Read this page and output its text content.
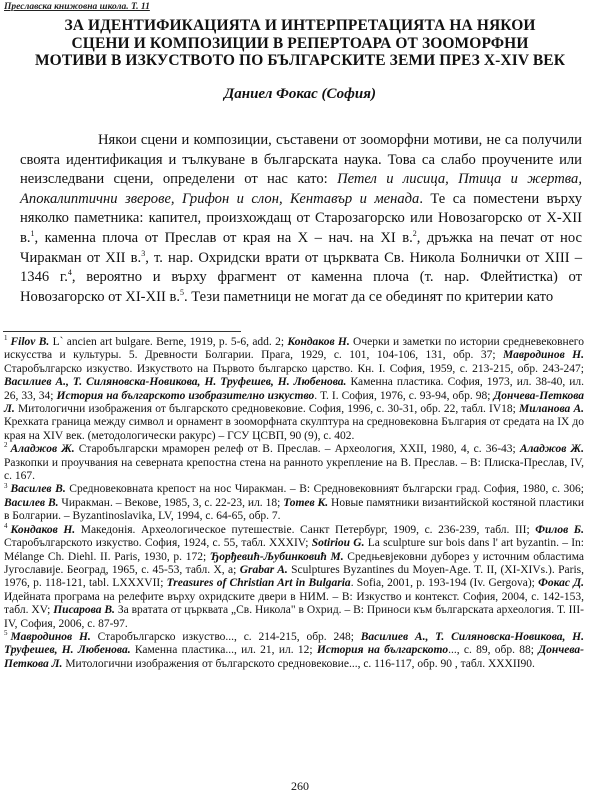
Преславска книжовна школа. Т. 11
ЗА ИДЕНТИФИКАЦИЯТА И ИНТЕРПРЕТАЦИЯТА НА НЯКОИ
СЦЕНИ И КОМПОЗИЦИИ В РЕПЕРТОАРА ОТ ЗООМОРФНИ
МОТИВИ В ИЗКУСТВОТО ПО БЪЛГАРСКИТЕ ЗЕМИ ПРЕЗ X-XIV ВЕК
Даниел Фокас (София)
Някои сцени и композиции, съставени от зооморфни мотиви, не са получили своята идентификация и тълкуване в българската наука. Това са слабо проучените или неизследвани сцени, определени от нас като: Петел и лисица, Птица и жертва, Апокалиптични зверове, Грифон и слон, Кентавър и менада. Те са поместени върху няколко паметника: капител, произхождащ от Старозагорско или Новозагорско от X-XII в.$^1$, каменна плоча от Преслав от края на X – нач. на XI в.$^2$, дръжка на печат от нос Чиракман от XII в.$^3$, т. нар. Охридски врати от църквата Св. Никола Болнички от XIII – 1346 г.$^4$, вероятно и върху фрагмент от каменна плоча (т. нар. Флейтистка) от Новозагорско от XI-XII в.$^5$. Тези паметници не могат да се обединят по критерии като

$^1$ Filov B. L` ancien art bulgare. Berne, 1919, p. 5-6, add. 2; Кондаков Н. Очерки и заметки по истории средневековнего искусства и культуры. 5. Древности Болгарии. Прага, 1929, с. 101, 104-106, 131, обр. 37; Мавродинов Н. Старобългарско изкуство. Изкуството на Първото българско царство. Кн. I. София, 1959, с. 213-215, обр. 243-247; Василиев А., Т. Силяновска-Новикова, Н. Труфешев, Н. Любенова. Каменна пластика. София, 1973, ил. 38-40, ил. 26, 33, 34; История на българското изобразително изкуство. Т. I. София, 1976, с. 93-94, обр. 98; Дончева-Петкова Л. Митологични изображения от българското средновековие. София, 1996, с. 30-31, обр. 22, табл. IV18; Миланова А. Крехката граница между символ и орнамент в зооморфната скулптура на средновековна България от средата на IX до края на XIV век. (методологически ракурс) – ГСУ ЦСВП, 90 (9), с. 402.

$^2$ Аладжов Ж. Старобългарски мраморен релеф от В. Преслав. – Археология, XXII, 1980, 4, с. 36-43; Аладжов Ж. Разкопки и проучвания на северната крепостна стена на ранното укрепление на В. Преслав. – В: Плиска-Преслав, IV, с. 167.

$^3$ Василев В. Средновековната крепост на нос Чиракман. – В: Средновековният български град. София, 1980, с. 306; Василев В. Чиракман. – Векове, 1985, 3, с. 22-23, ил. 18; Тотев К. Новые памятники византийской костяной пластики в Болгарии. – Byzantinoslavika, LV, 1994, с. 64-65, обр. 7.

$^4$ Кондаков Н. Македонія. Археологическое путешествіе. Санкт Петербург, 1909, с. 236-239, табл. III; Филов Б. Старобългарското изкуство. София, 1924, с. 55, табл. XXXIV; Sotirіou G. La sculpture sur bois dans l' art byzantin. – In: Mélange Ch. Diehl. II. Paris, 1930, p. 172; Ђорђевић-Љубинковић М. Средњевјековни дуборез у источним областима Југославије. Београд, 1965, с. 45-53, табл. X, а; Grabar A. Sculptures Byzantines du Moyen-Age. T. II, (XI-XIVs.). Paris, 1976, p. 118-121, tabl. LXXXVII; Treasures of Christian Art in Bulgaria. Sofia, 2001, p. 193-194 (Iv. Gergova); Фокас Д. Идейната програма на релефите върху охридските двери в НИМ. – В: Изкуство и контекст. София, 2004, с. 142-153, табл. XV; Писарова В. За вратата от църквата „Св. Никола" в Охрид. – В: Приноси към българската археология. Т. III-IV, София, 2006, с. 87-97.

$^5$ Мавродинов Н. Старобългарско изкуство..., с. 214-215, обр. 248; Василиев А., Т. Силяновска-Новикова, Н. Труфешев, Н. Любенова. Каменна пластика..., ил. 21, ил. 12; История на българското..., с. 89, обр. 88; Дончева-Петкова Л. Митологични изображения от българското средновековие..., с. 116-117, обр. 90 , табл. XXXII90.

260
